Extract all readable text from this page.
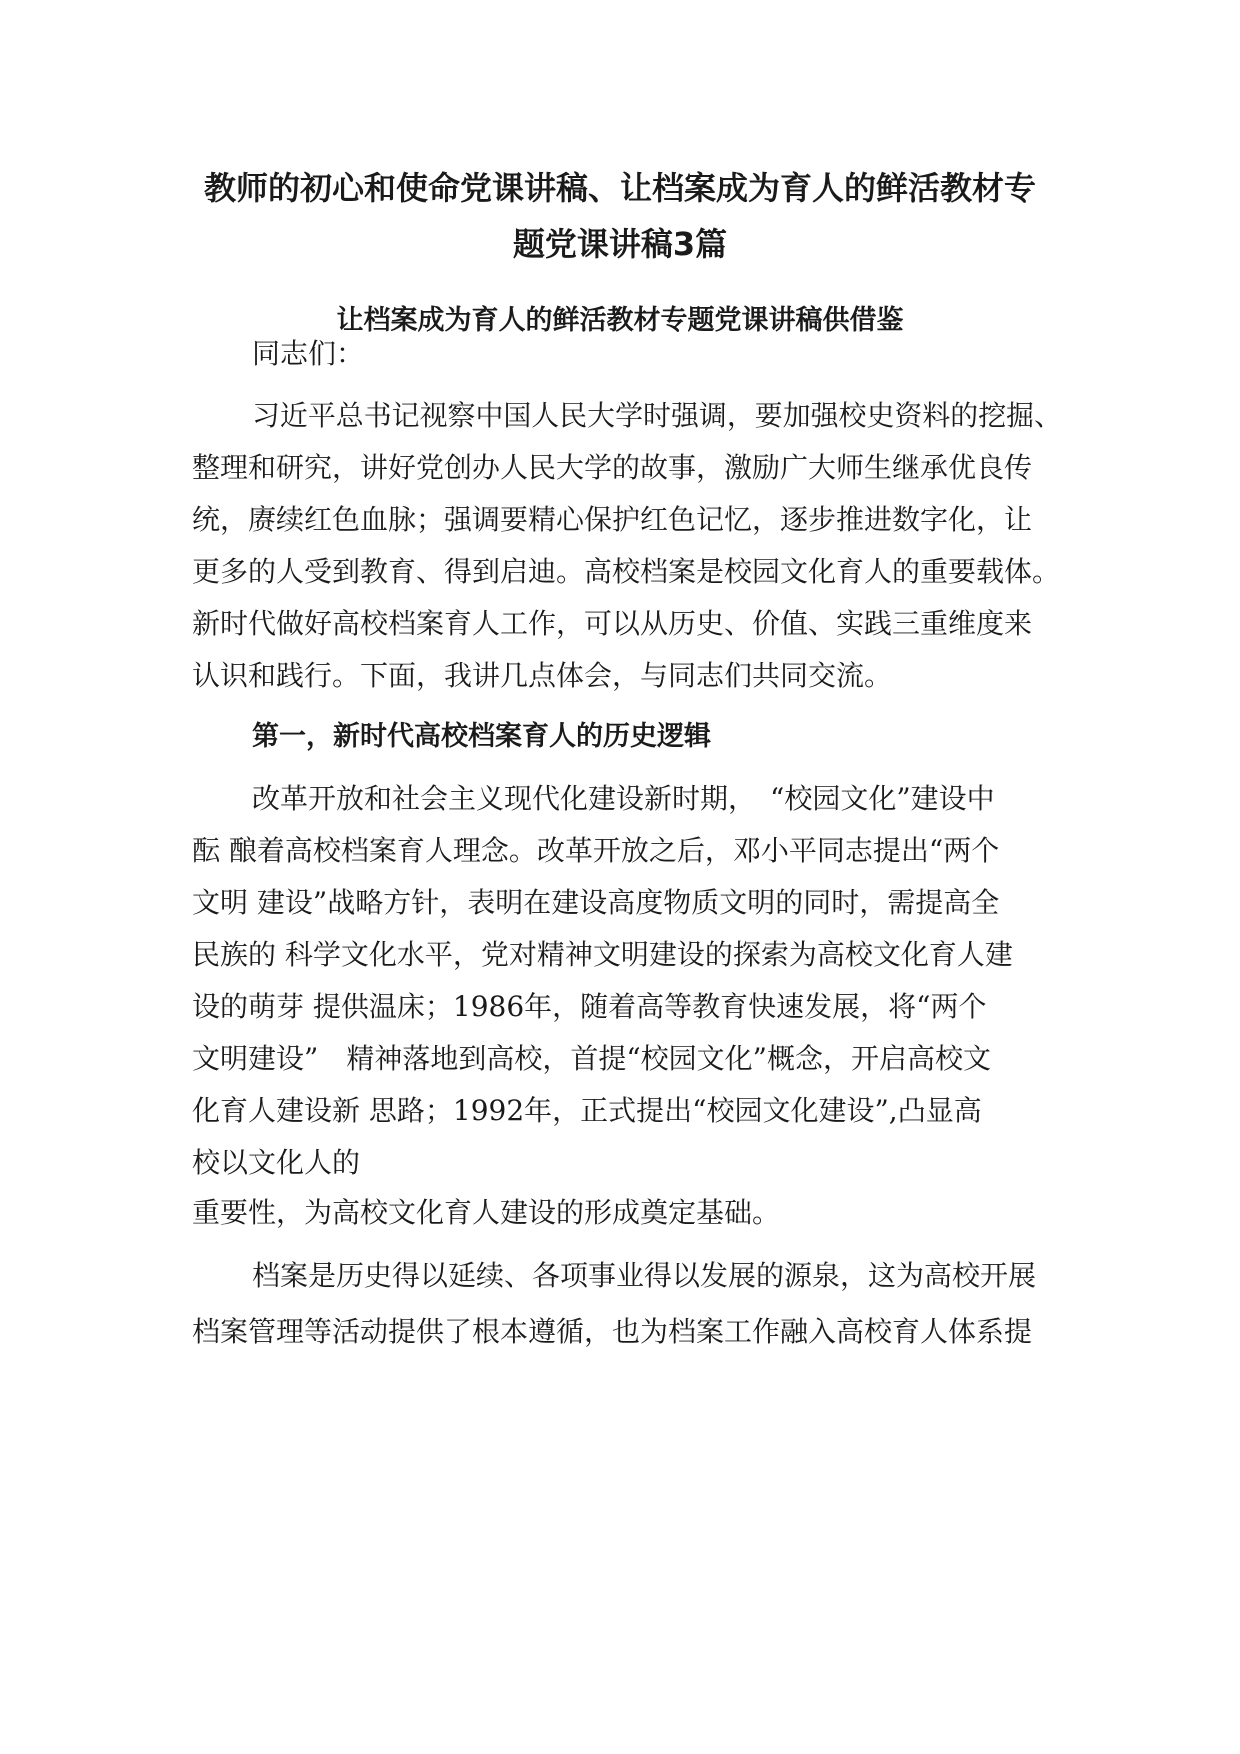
教师的初心和使命党课讲稿、让档案成为育人的鲜活教材专
题党课讲稿3篇
让档案成为育人的鲜活教材专题党课讲稿供借鉴

同志们：

习近平总书记视察中国人民大学时强调，要加强校史资料的挖掘、

整理和研究，讲好党创办人民大学的故事，激励广大师生继承优良传

统，赓续红色血脉；强调要精心保护红色记忆，逐步推进数字化，让

更多的人受到教育、得到启迪。高校档案是校园文化育人的重要载体。

新时代做好高校档案育人工作，可以从历史、价值、实践三重维度来

认识和践行。下面，我讲几点体会，与同志们共同交流。

第一，新时代高校档案育人的历史逻辑

改革开放和社会主义现代化建设新时期，　“校园文化”建设中

酝 酿着高校档案育人理念。改革开放之后，邓小平同志提出“两个

文明 建设”战略方针，表明在建设高度物质文明的同时，需提高全

民族的 科学文化水平，党对精神文明建设的探索为高校文化育人建

设的萌芽 提供温床；1986年，随着高等教育快速发展，将“两个

文明建设”　精神落地到高校，首提“校园文化”概念，开启高校文

化育人建设新 思路；1992年，正式提出“校园文化建设”,凸显高

校以文化人的

重要性，为高校文化育人建设的形成奠定基础。

档案是历史得以延续、各项事业得以发展的源泉，这为高校开展

档案管理等活动提供了根本遵循，也为档案工作融入高校育人体系提
